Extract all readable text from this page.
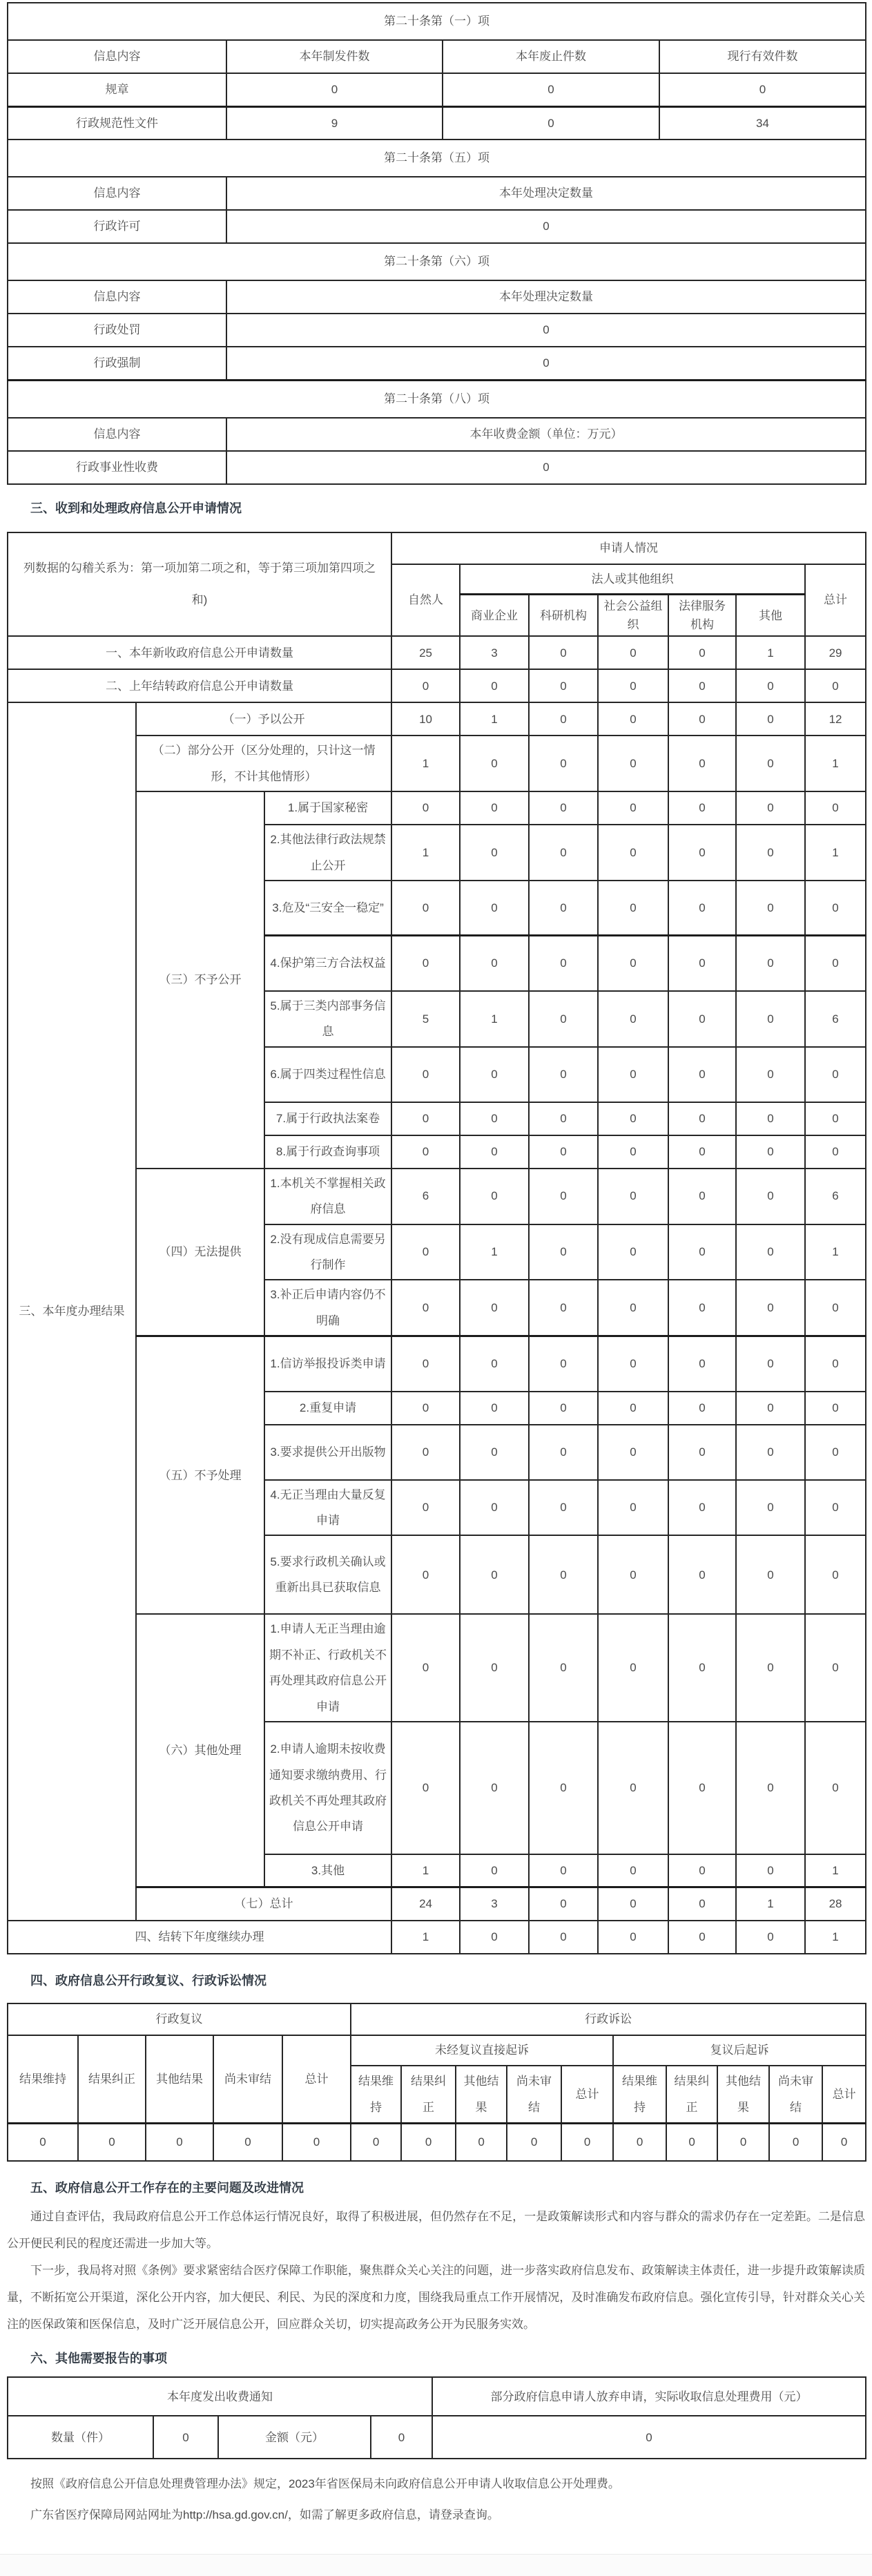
第二十条第（一）项			
信息内容	本年制发件数	本年废止件数	现行有效件数
规章	0	0	0
行政规范性文件	9	0	34
第二十条第（五）项	
信息内容	本年处理决定数量
行政许可	0
第二十条第（六）项	
信息内容	本年处理决定数量
行政处罚	0
行政强制	0
第二十条第（八）项	
信息内容	本年收费金额（单位：万元）
行政事业性收费	0
三、收到和处理政府信息公开申请情况
列数据的勾稽关系为：第一项加第二项之和，等于第三项加第四项之和)			申请人情况						
			自然人	法人或其他组织					总计
				商业企业	科研机构	社会公益组织	法律服务机构	其他	
一、本年新收政府信息公开申请数量			25	3	0	0	0	1	29
二、上年结转政府信息公开申请数量			0	0	0	0	0	0	0
三、本年度办理结果	（一）予以公开		10	1	0	0	0	0	12
	（二）部分公开（区分处理的，只计这一情形，不计其他情形）		1	0	0	0	0	0	1
	（三）不予公开	1.属于国家秘密	0	0	0	0	0	0	0
		2.其他法律行政法规禁止公开	1	0	0	0	0	0	1
		3.危及“三安全一稳定”	0	0	0	0	0	0	0
		4.保护第三方合法权益	0	0	0	0	0	0	0
		5.属于三类内部事务信息	5	1	0	0	0	0	6
		6.属于四类过程性信息	0	0	0	0	0	0	0
		7.属于行政执法案卷	0	0	0	0	0	0	0
		8.属于行政查询事项	0	0	0	0	0	0	0
	（四）无法提供	1.本机关不掌握相关政府信息	6	0	0	0	0	0	6
		2.没有现成信息需要另行制作	0	1	0	0	0	0	1
		3.补正后申请内容仍不明确	0	0	0	0	0	0	0
	（五）不予处理	1.信访举报投诉类申请	0	0	0	0	0	0	0
		2.重复申请	0	0	0	0	0	0	0
		3.要求提供公开出版物	0	0	0	0	0	0	0
		4.无正当理由大量反复申请	0	0	0	0	0	0	0
		5.要求行政机关确认或重新出具已获取信息	0	0	0	0	0	0	0
	（六）其他处理	1.申请人无正当理由逾期不补正、行政机关不再处理其政府信息公开申请	0	0	0	0	0	0	0
		2.申请人逾期未按收费通知要求缴纳费用、行政机关不再处理其政府信息公开申请	0	0	0	0	0	0	0
		3.其他	1	0	0	0	0	0	1
	（七）总计		24	3	0	0	0	1	28
四、结转下年度继续办理			1	0	0	0	0	0	1
四、政府信息公开行政复议、行政诉讼情况
行政复议					行政诉讼									
结果维持	结果纠正	其他结果	尚未审结	总计	未经复议直接起诉					复议后起诉				
					结果维持	结果纠正	其他结果	尚未审结	总计	结果维持	结果纠正	其他结果	尚未审结	总计
0	0	0	0	0	0	0	0	0	0	0	0	0	0	0
五、政府信息公开工作存在的主要问题及改进情况

通过自查评估，我局政府信息公开工作总体运行情况良好，取得了积极进展，但仍然存在不足，一是政策解读形式和内容与群众的需求仍存在一定差距。二是信息公开便民利民的程度还需进一步加大等。

下一步，我局将对照《条例》要求紧密结合医疗保障工作职能，聚焦群众关心关注的问题，进一步落实政府信息发布、政策解读主体责任，进一步提升政策解读质量，不断拓宽公开渠道，深化公开内容，加大便民、利民、为民的深度和力度，围绕我局重点工作开展情况，及时准确发布政府信息。强化宣传引导，针对群众关心关注的医保政策和医保信息，及时广泛开展信息公开，回应群众关切，切实提高政务公开为民服务实效。

六、其他需要报告的事项
本年度发出收费通知				部分政府信息申请人放弃申请，实际收取信息处理费用（元）
数量（件）	0	金额（元）	0	0

按照《政府信息公开信息处理费管理办法》规定，2023年省医保局未向政府信息公开申请人收取信息公开处理费。

广东省医疗保障局网站网址为http://hsa.gd.gov.cn/，如需了解更多政府信息，请登录查询。
